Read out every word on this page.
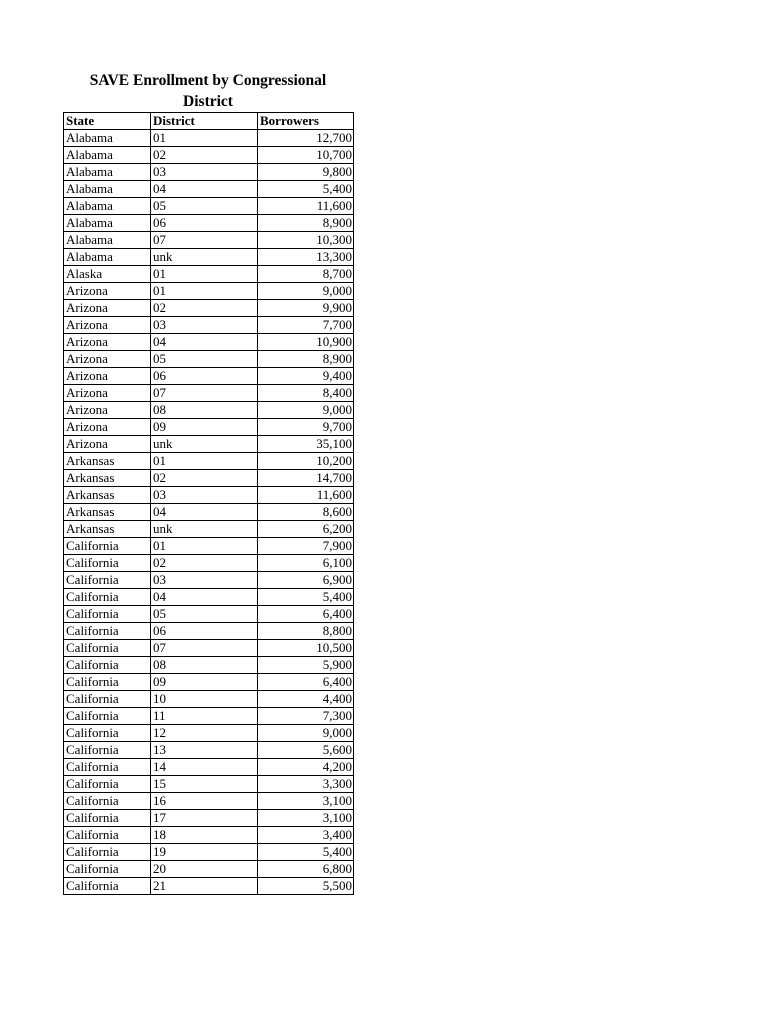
SAVE Enrollment by Congressional District
State	District	Borrowers
Alabama	01	12,700
Alabama	02	10,700
Alabama	03	9,800
Alabama	04	5,400
Alabama	05	11,600
Alabama	06	8,900
Alabama	07	10,300
Alabama	unk	13,300
Alaska	01	8,700
Arizona	01	9,000
Arizona	02	9,900
Arizona	03	7,700
Arizona	04	10,900
Arizona	05	8,900
Arizona	06	9,400
Arizona	07	8,400
Arizona	08	9,000
Arizona	09	9,700
Arizona	unk	35,100
Arkansas	01	10,200
Arkansas	02	14,700
Arkansas	03	11,600
Arkansas	04	8,600
Arkansas	unk	6,200
California	01	7,900
California	02	6,100
California	03	6,900
California	04	5,400
California	05	6,400
California	06	8,800
California	07	10,500
California	08	5,900
California	09	6,400
California	10	4,400
California	11	7,300
California	12	9,000
California	13	5,600
California	14	4,200
California	15	3,300
California	16	3,100
California	17	3,100
California	18	3,400
California	19	5,400
California	20	6,800
California	21	5,500
